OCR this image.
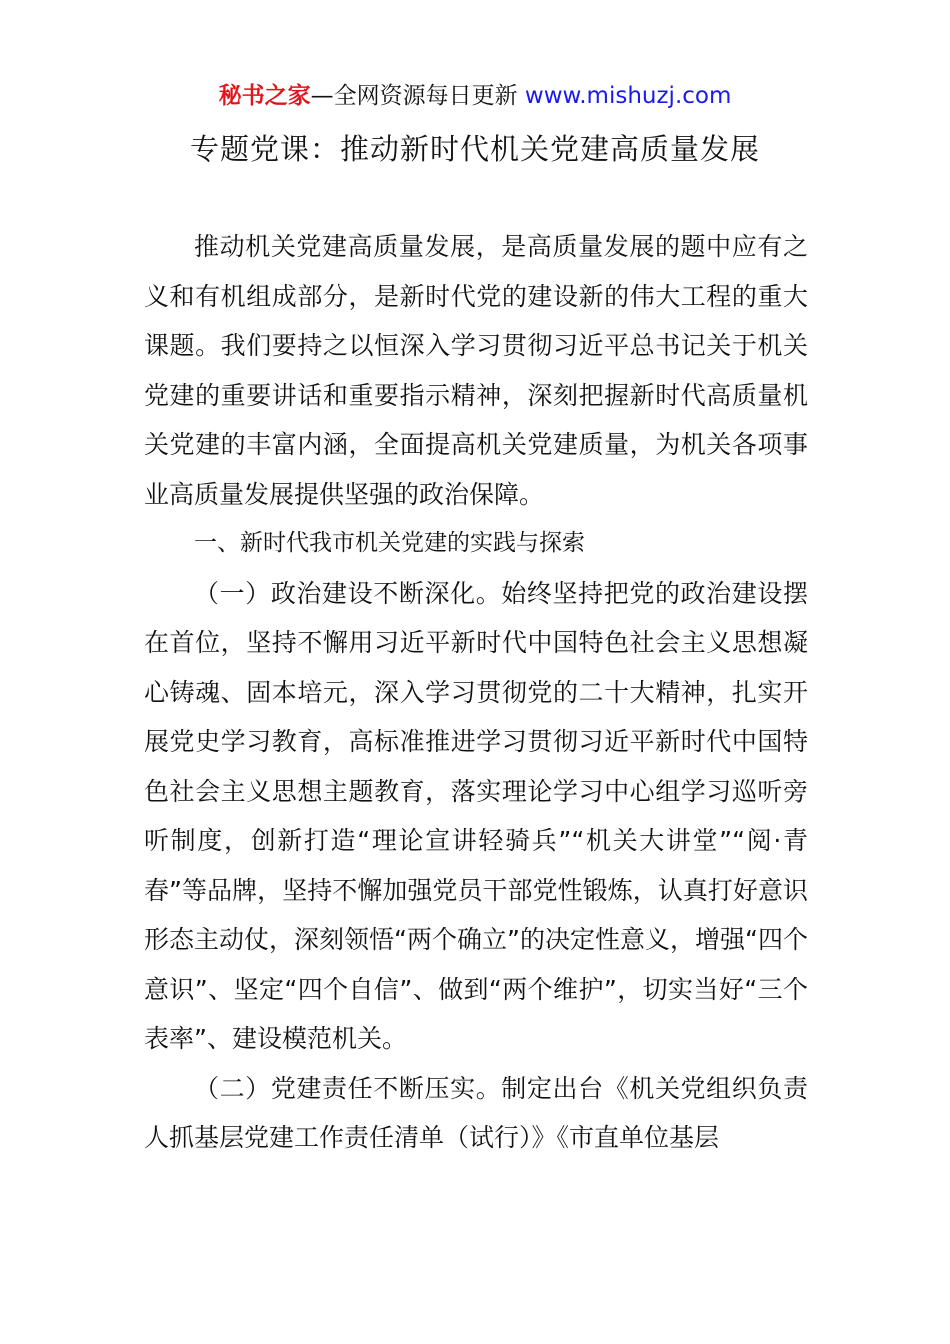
秘书之家—全网资源每日更新 www.mishuzj.com
专题党课：推动新时代机关党建高质量发展

推动机关党建高质量发展，是高质量发展的题中应有之义和有机组成部分，是新时代党的建设新的伟大工程的重大课题。我们要持之以恒深入学习贯彻习近平总书记关于机关党建的重要讲话和重要指示精神，深刻把握新时代高质量机关党建的丰富内涵，全面提高机关党建质量，为机关各项事业高质量发展提供坚强的政治保障。

一、新时代我市机关党建的实践与探索

（一）政治建设不断深化。始终坚持把党的政治建设摆在首位，坚持不懈用习近平新时代中国特色社会主义思想凝心铸魂、固本培元，深入学习贯彻党的二十大精神，扎实开展党史学习教育，高标准推进学习贯彻习近平新时代中国特色社会主义思想主题教育，落实理论学习中心组学习巡听旁听制度，创新打造“理论宣讲轻骑兵”“机关大讲堂”“阅·青春”等品牌，坚持不懈加强党员干部党性锻炼，认真打好意识形态主动仗，深刻领悟“两个确立”的决定性意义，增强“四个意识”、坚定“四个自信”、做到“两个维护”，切实当好“三个表率”、建设模范机关。

（二）党建责任不断压实。制定出台《机关党组织负责人抓基层党建工作责任清单（试行）》《市直单位基层
